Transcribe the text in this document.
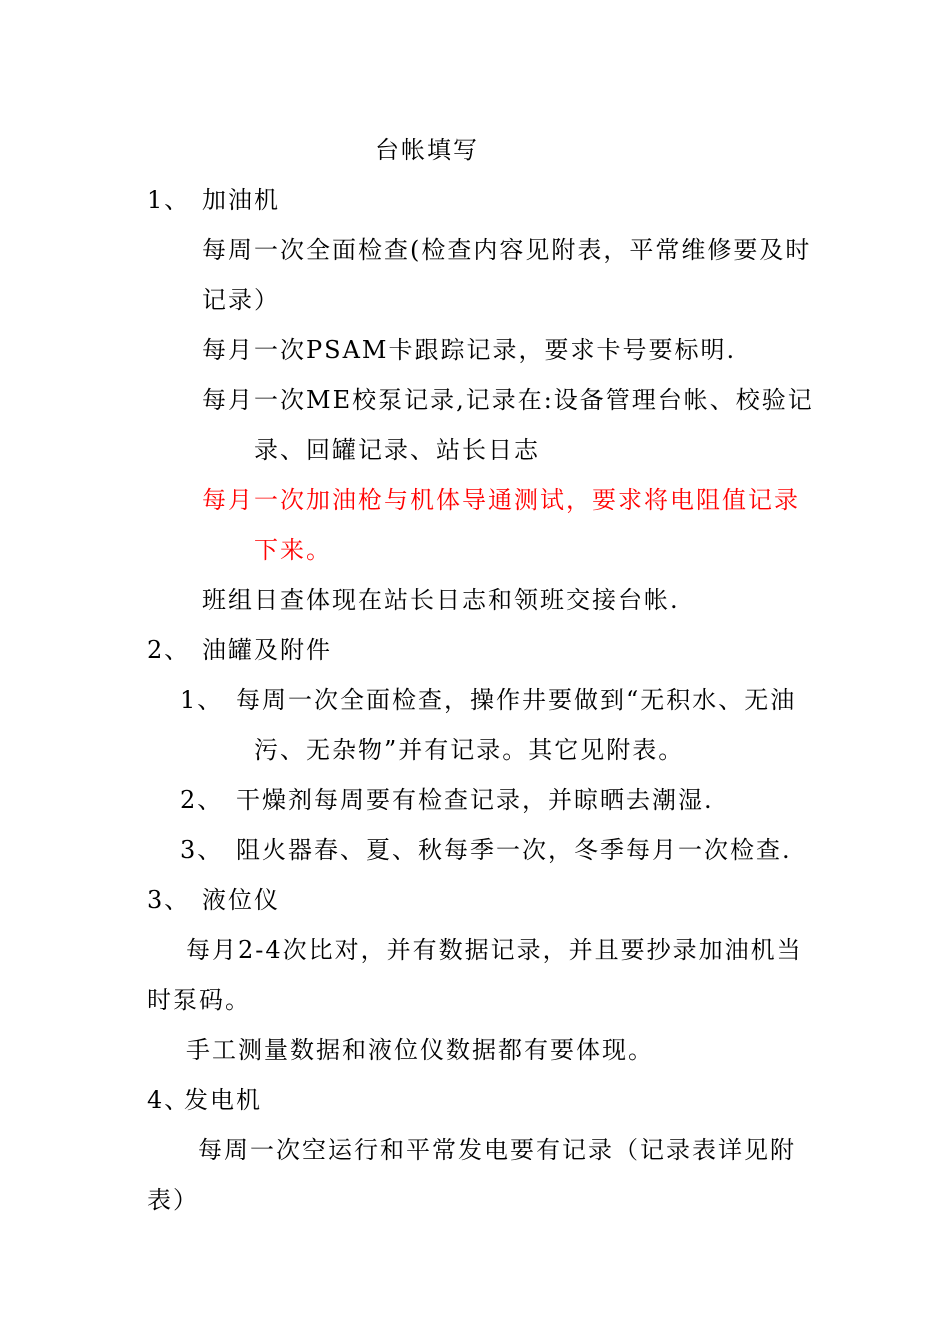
台帐填写
1、 加油机
每周一次全面检查(检查内容见附表，平常维修要及时
记录）
每月一次PSAM卡跟踪记录，要求卡号要标明.
每月一次ME校泵记录,记录在:设备管理台帐、校验记
录、回罐记录、站长日志
每月一次加油枪与机体导通测试，要求将电阻值记录
下来。
班组日查体现在站长日志和领班交接台帐.
2、 油罐及附件
1、 每周一次全面检查，操作井要做到“无积水、无油
污、无杂物”并有记录。其它见附表。
2、 干燥剂每周要有检查记录，并晾晒去潮湿.
3、 阻火器春、夏、秋每季一次，冬季每月一次检查.
3、 液位仪
每月2-4次比对，并有数据记录，并且要抄录加油机当
时泵码。
手工测量数据和液位仪数据都有要体现。
4、
发电机
每周一次空运行和平常发电要有记录（记录表详见附
表）
